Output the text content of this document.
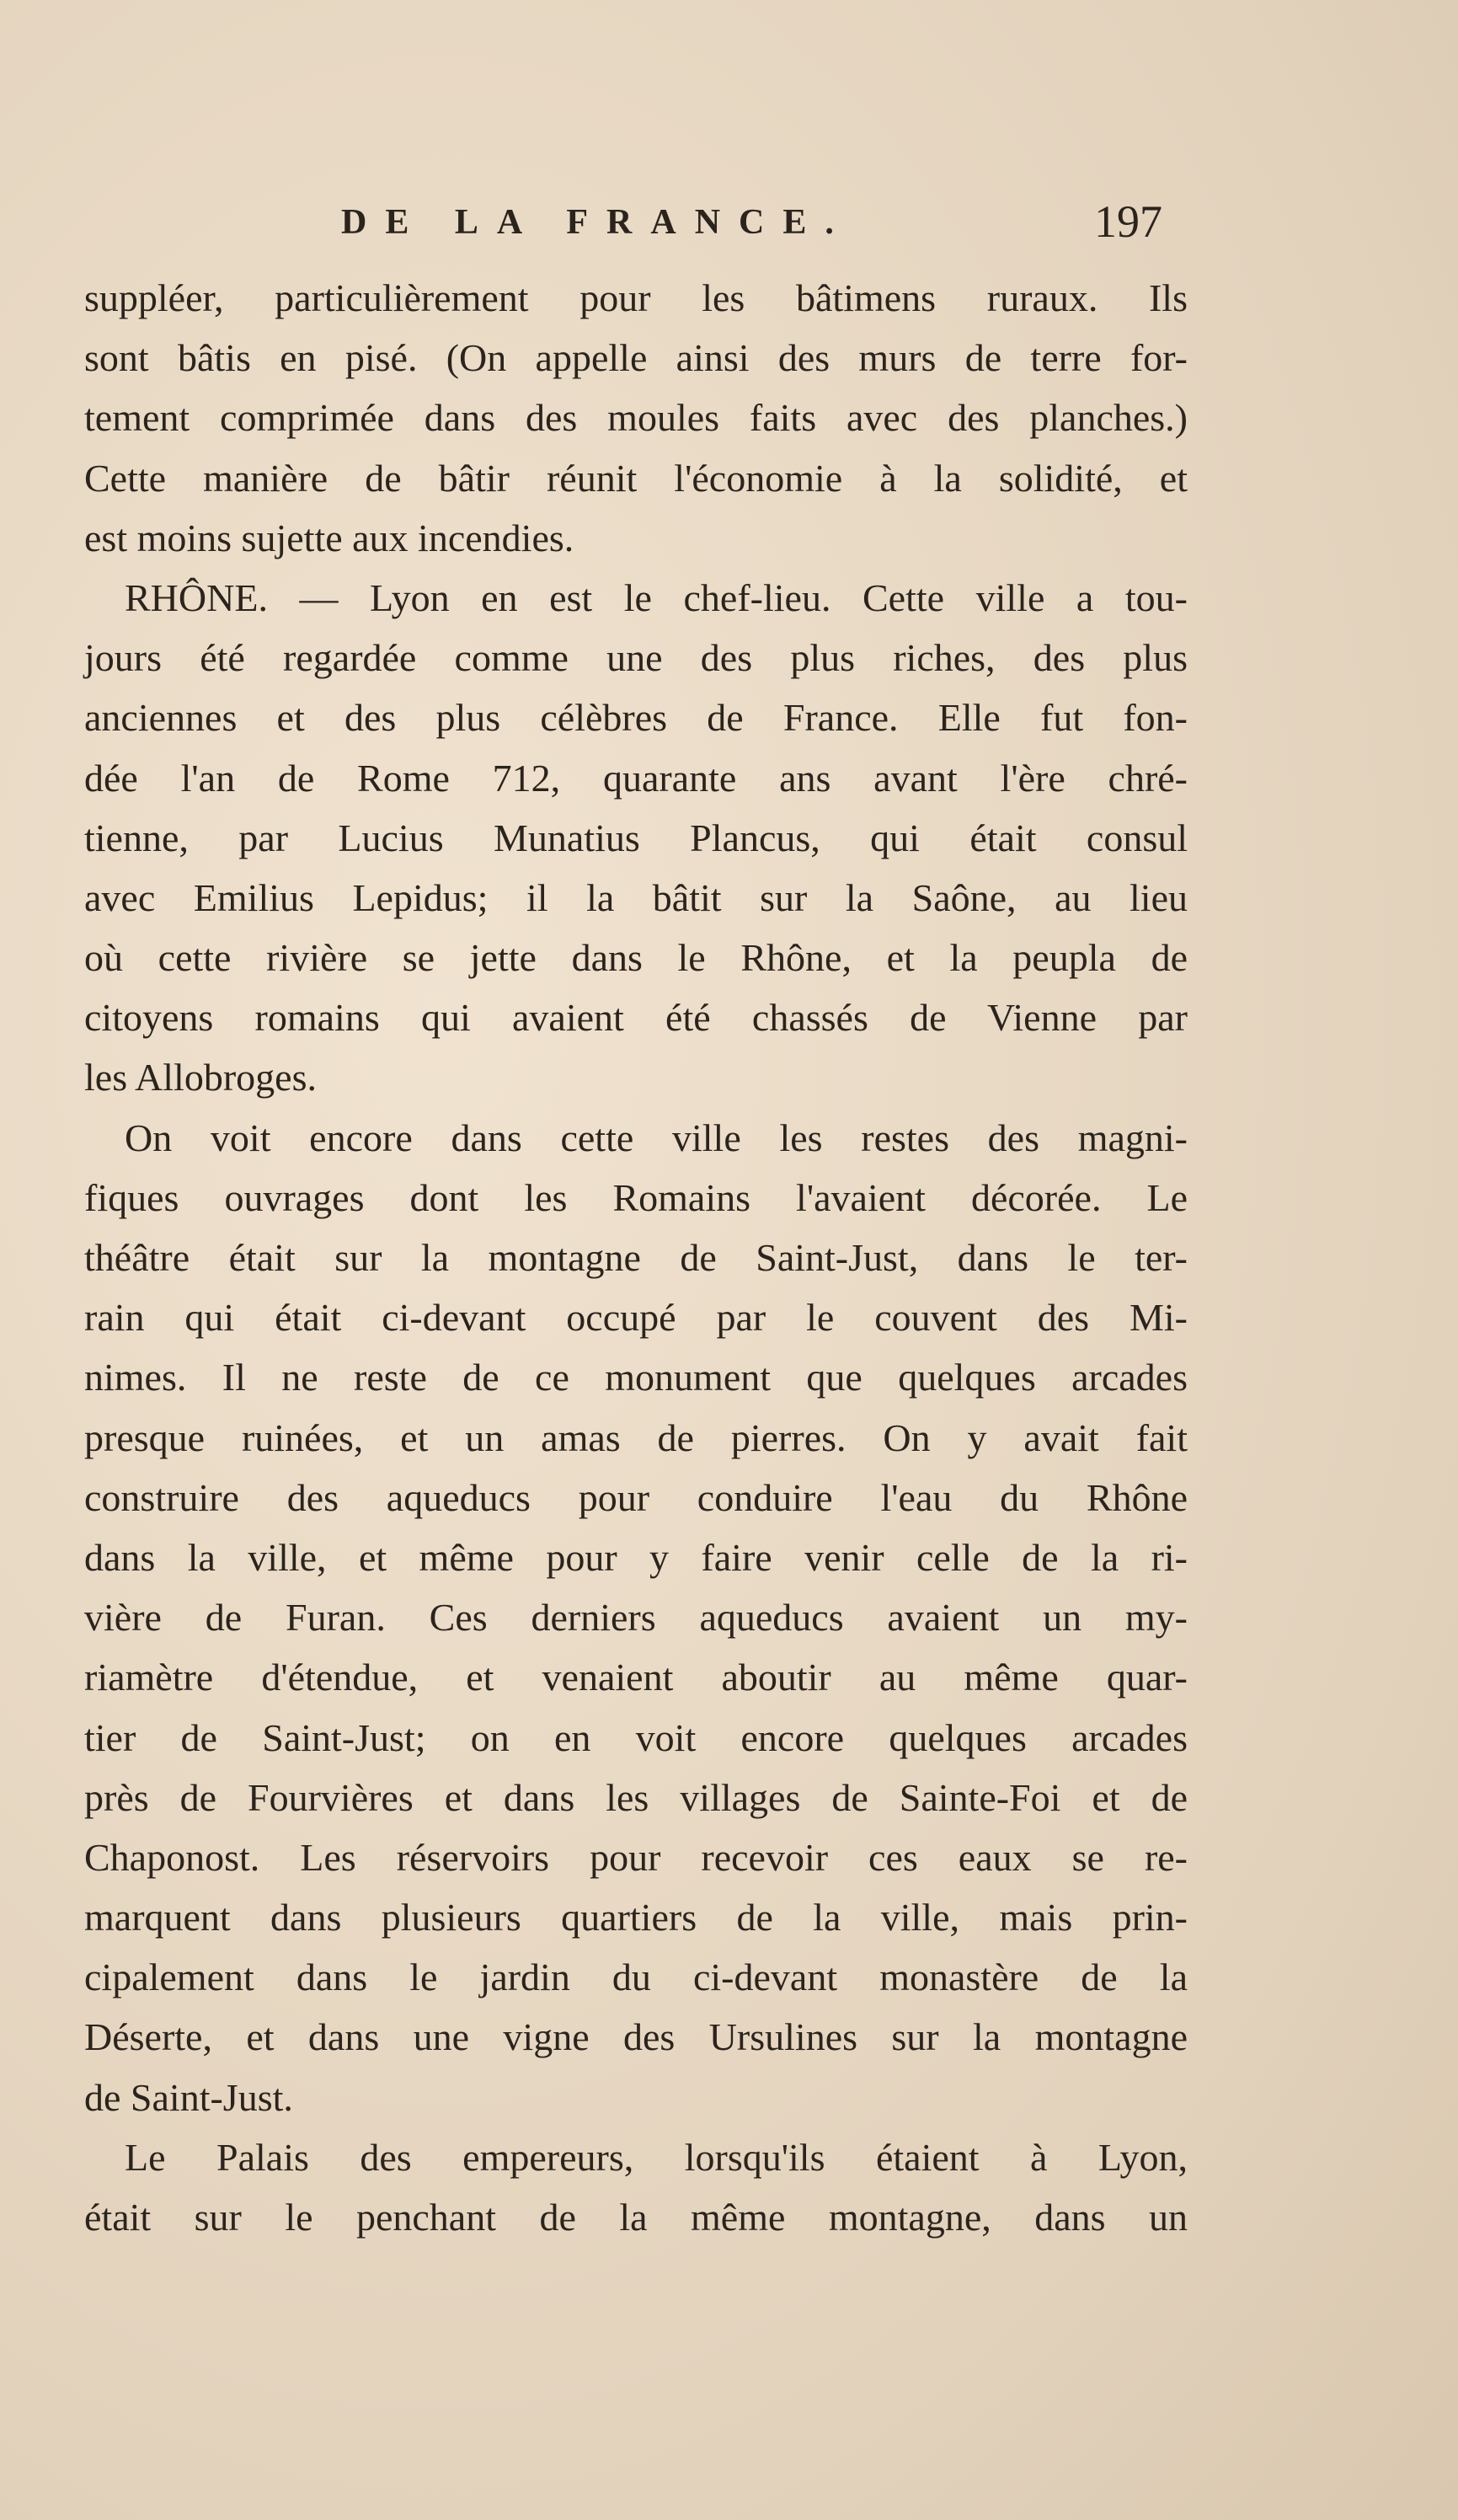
DE LA FRANCE.	197
suppléer, particulièrement pour les bâtimens ruraux. Ils
sont bâtis en pisé. (On appelle ainsi des murs de terre for-
tement comprimée dans des moules faits avec des planches.)
Cette manière de bâtir réunit l'économie à la solidité, et
est moins sujette aux incendies.
RHÔNE. — Lyon en est le chef-lieu. Cette ville a tou-
jours été regardée comme une des plus riches, des plus
anciennes et des plus célèbres de France. Elle fut fon-
dée l'an de Rome 712, quarante ans avant l'ère chré-
tienne, par Lucius Munatius Plancus, qui était consul
avec Emilius Lepidus; il la bâtit sur la Saône, au lieu
où cette rivière se jette dans le Rhône, et la peupla de
citoyens romains qui avaient été chassés de Vienne par
les Allobroges.
On voit encore dans cette ville les restes des magni-
fiques ouvrages dont les Romains l'avaient décorée. Le
théâtre était sur la montagne de Saint-Just, dans le ter-
rain qui était ci-devant occupé par le couvent des Mi-
nimes. Il ne reste de ce monument que quelques arcades
presque ruinées, et un amas de pierres. On y avait fait
construire des aqueducs pour conduire l'eau du Rhône
dans la ville, et même pour y faire venir celle de la ri-
vière de Furan. Ces derniers aqueducs avaient un my-
riamètre d'étendue, et venaient aboutir au même quar-
tier de Saint-Just; on en voit encore quelques arcades
près de Fourvières et dans les villages de Sainte-Foi et de
Chaponost. Les réservoirs pour recevoir ces eaux se re-
marquent dans plusieurs quartiers de la ville, mais prin-
cipalement dans le jardin du ci-devant monastère de la
Déserte, et dans une vigne des Ursulines sur la montagne
de Saint-Just.
Le Palais des empereurs, lorsqu'ils étaient à Lyon,
était sur le penchant de la même montagne, dans un
